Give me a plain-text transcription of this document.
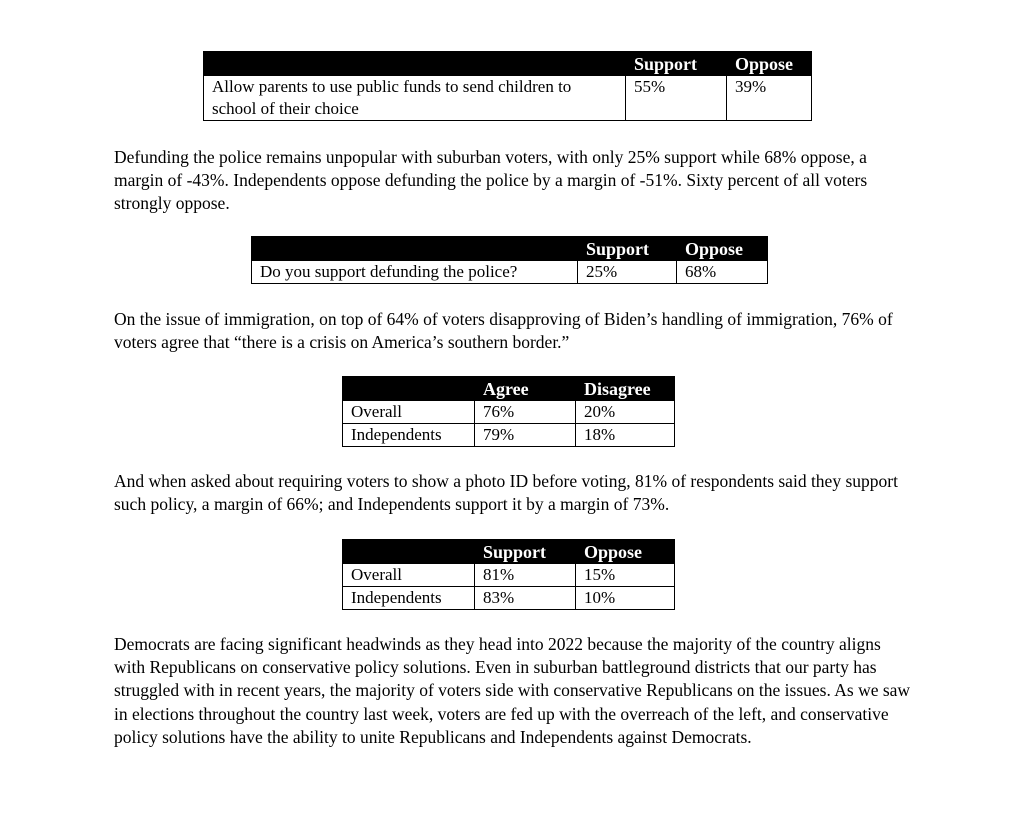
	Support	Oppose
Allow parents to use public funds to send children to school of their choice	55%	39%

Defunding the police remains unpopular with suburban voters, with only 25% support while 68% oppose, a margin of -43%. Independents oppose defunding the police by a margin of -51%. Sixty percent of all voters strongly oppose.

	Support	Oppose
Do you support defunding the police?	25%	68%

On the issue of immigration, on top of 64% of voters disapproving of Biden’s handling of immigration, 76% of voters agree that “there is a crisis on America’s southern border.”

	Agree	Disagree
Overall	76%	20%
Independents	79%	18%

And when asked about requiring voters to show a photo ID before voting, 81% of respondents said they support such policy, a margin of 66%; and Independents support it by a margin of 73%.

	Support	Oppose
Overall	81%	15%
Independents	83%	10%

Democrats are facing significant headwinds as they head into 2022 because the majority of the country aligns with Republicans on conservative policy solutions. Even in suburban battleground districts that our party has struggled with in recent years, the majority of voters side with conservative Republicans on the issues. As we saw in elections throughout the country last week, voters are fed up with the overreach of the left, and conservative policy solutions have the ability to unite Republicans and Independents against Democrats.
